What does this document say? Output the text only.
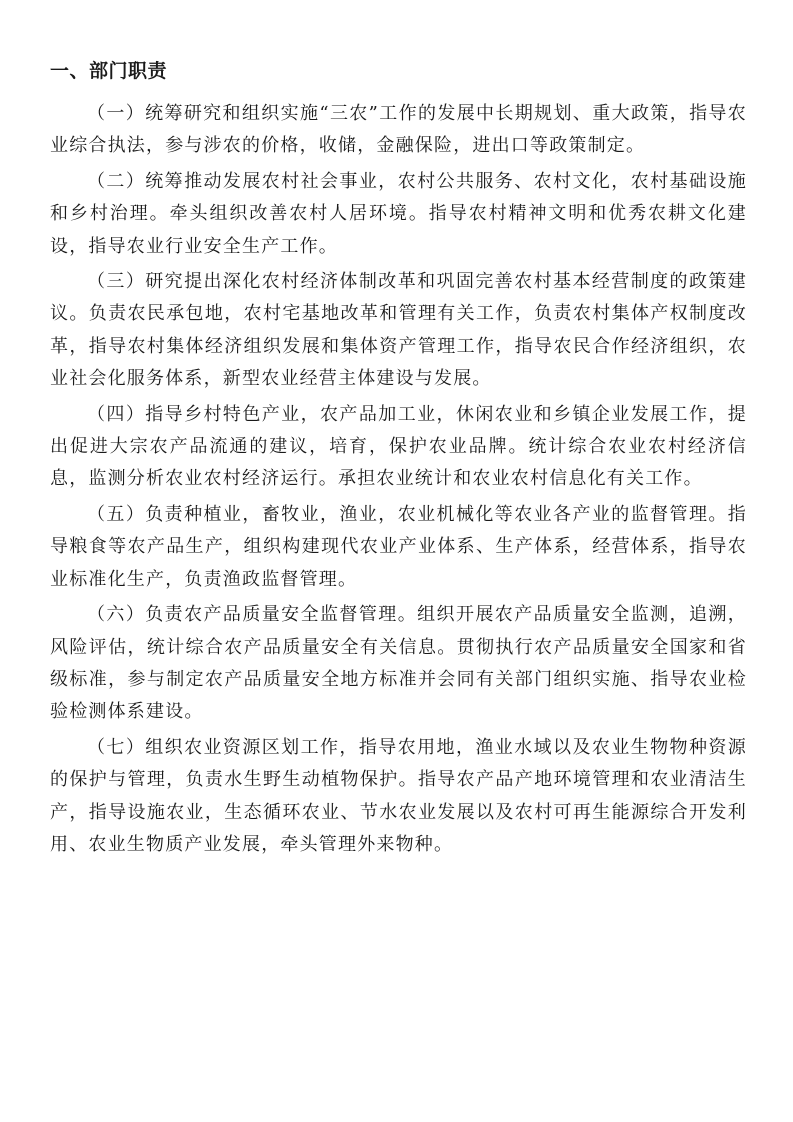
一、部门职责

（一）统筹研究和组织实施“三农”工作的发展中长期规划、重大政策，指导农业综合执法，参与涉农的价格，收储，金融保险，进出口等政策制定。

（二）统筹推动发展农村社会事业，农村公共服务、农村文化，农村基础设施和乡村治理。牵头组织改善农村人居环境。指导农村精神文明和优秀农耕文化建设，指导农业行业安全生产工作。

（三）研究提出深化农村经济体制改革和巩固完善农村基本经营制度的政策建议。负责农民承包地，农村宅基地改革和管理有关工作，负责农村集体产权制度改革，指导农村集体经济组织发展和集体资产管理工作，指导农民合作经济组织，农业社会化服务体系，新型农业经营主体建设与发展。

（四）指导乡村特色产业，农产品加工业，休闲农业和乡镇企业发展工作，提出促进大宗农产品流通的建议，培育，保护农业品牌。统计综合农业农村经济信息，监测分析农业农村经济运行。承担农业统计和农业农村信息化有关工作。

（五）负责种植业，畜牧业，渔业，农业机械化等农业各产业的监督管理。指导粮食等农产品生产，组织构建现代农业产业体系、生产体系，经营体系，指导农业标准化生产，负责渔政监督管理。

（六）负责农产品质量安全监督管理。组织开展农产品质量安全监测，追溯，风险评估，统计综合农产品质量安全有关信息。贯彻执行农产品质量安全国家和省级标准，参与制定农产品质量安全地方标准并会同有关部门组织实施、指导农业检验检测体系建设。

（七）组织农业资源区划工作，指导农用地，渔业水域以及农业生物物种资源的保护与管理，负责水生野生动植物保护。指导农产品产地环境管理和农业清洁生产，指导设施农业，生态循环农业、节水农业发展以及农村可再生能源综合开发利用、农业生物质产业发展，牵头管理外来物种。
